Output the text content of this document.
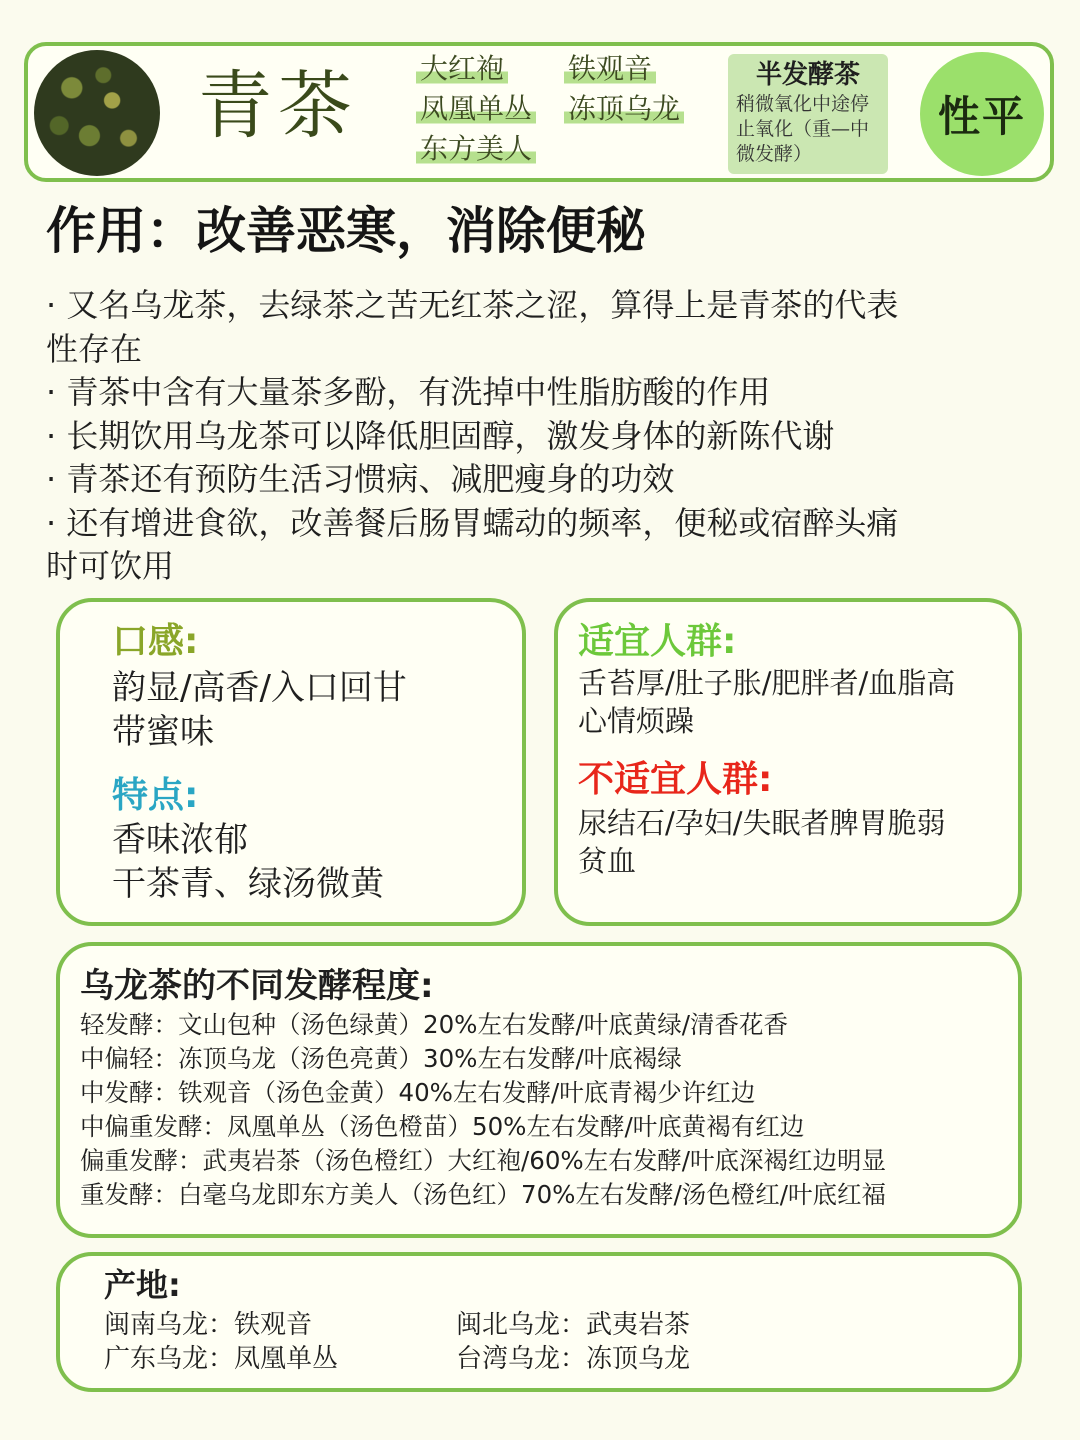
青茶 大红袍 铁观音
凤凰单丛 冻顶乌龙
东方美人
半发酵茶
稍微氧化中途停
止氧化（重—中
微发酵）
性平
作用：改善恶寒，消除便秘

· 又名乌龙茶，去绿茶之苦无红茶之涩，算得上是青茶的代表

性存在

· 青茶中含有大量茶多酚，有洗掉中性脂肪酸的作用

· 长期饮用乌龙茶可以降低胆固醇，激发身体的新陈代谢

· 青茶还有预防生活习惯病、减肥瘦身的功效

· 还有增进食欲，改善餐后肠胃蠕动的频率，便秘或宿醉头痛

时可饮用

口感:
韵显/高香/入口回甘
带蜜味
特点:
香味浓郁
干茶青、绿汤微黄
适宜人群:
舌苔厚/肚子胀/肥胖者/血脂高
心情烦躁
不适宜人群:
尿结石/孕妇/失眠者脾胃脆弱
贫血
乌龙茶的不同发酵程度:
轻发酵：文山包种（汤色绿黄）20%左右发酵/叶底黄绿/清香花香
中偏轻：冻顶乌龙（汤色亮黄）30%左右发酵/叶底褐绿
中发酵：铁观音（汤色金黄）40%左右发酵/叶底青褐少许红边
中偏重发酵：凤凰单丛（汤色橙苗）50%左右发酵/叶底黄褐有红边
偏重发酵：武夷岩茶（汤色橙红）大红袍/60%左右发酵/叶底深褐红边明显
重发酵：白毫乌龙即东方美人（汤色红）70%左右发酵/汤色橙红/叶底红福
产地:
闽南乌龙：铁观音	闽北乌龙：武夷岩茶
广东乌龙：凤凰单丛	台湾乌龙：冻顶乌龙
